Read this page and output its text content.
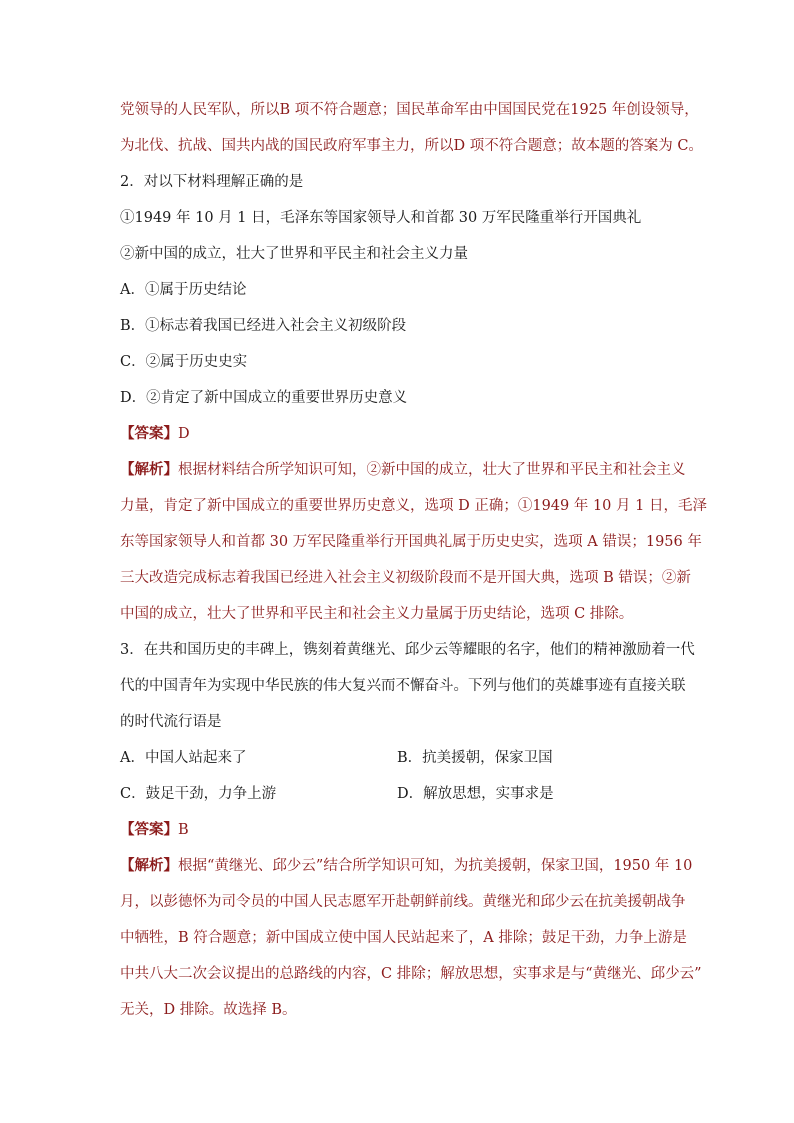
党领导的人民军队，所以B 项不符合题意；国民革命军由中国国民党在1925 年创设领导，
为北伐、抗战、国共内战的国民政府军事主力，所以D 项不符合题意；故本题的答案为 C。
2．对以下材料理解正确的是
①1949 年 10 月 1 日，毛泽东等国家领导人和首都 30 万军民隆重举行开国典礼
②新中国的成立，壮大了世界和平民主和社会主义力量
A．①属于历史结论
B．①标志着我国已经进入社会主义初级阶段
C．②属于历史史实
D．②肯定了新中国成立的重要世界历史意义
【答案】D
【解析】根据材料结合所学知识可知，②新中国的成立，壮大了世界和平民主和社会主义
力量，肯定了新中国成立的重要世界历史意义，选项 D 正确；①1949 年 10 月 1 日，毛泽
东等国家领导人和首都 30 万军民隆重举行开国典礼属于历史史实，选项 A 错误；1956 年
三大改造完成标志着我国已经进入社会主义初级阶段而不是开国大典，选项 B 错误；②新
中国的成立，壮大了世界和平民主和社会主义力量属于历史结论，选项 C 排除。
3．在共和国历史的丰碑上，镌刻着黄继光、邱少云等耀眼的名字，他们的精神激励着一代
代的中国青年为实现中华民族的伟大复兴而不懈奋斗。下列与他们的英雄事迹有直接关联
的时代流行语是
A．中国人站起来了	B．抗美援朝，保家卫国
C．鼓足干劲，力争上游	D．解放思想，实事求是
【答案】B
【解析】根据“黄继光、邱少云”结合所学知识可知，为抗美援朝，保家卫国，1950 年 10
月，以彭德怀为司令员的中国人民志愿军开赴朝鲜前线。黄继光和邱少云在抗美援朝战争
中牺牲，B 符合题意；新中国成立使中国人民站起来了，A 排除；鼓足干劲，力争上游是
中共八大二次会议提出的总路线的内容，C 排除；解放思想，实事求是与“黄继光、邱少云”
无关，D 排除。故选择 B。
